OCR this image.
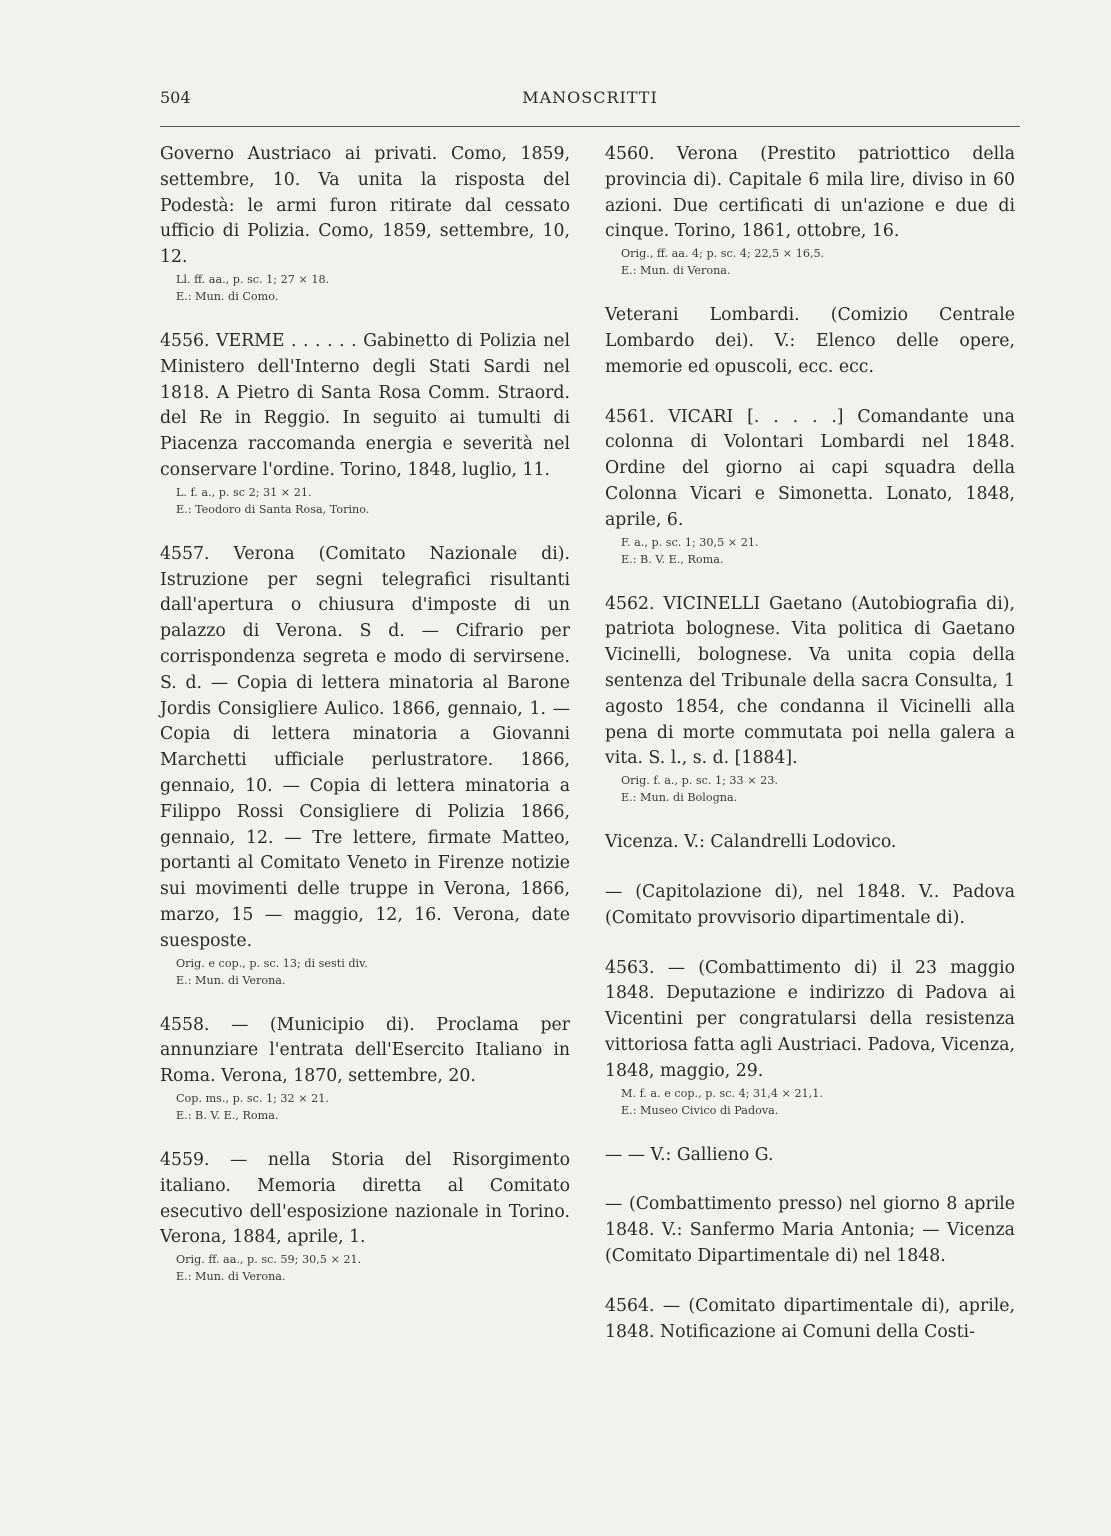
504	MANOSCRITTI
Governo Austriaco ai privati. Como, 1859, settembre, 10. Va unita la risposta del Podestà: le armi furon ritirate dal cessato ufficio di Polizia. Como, 1859, settembre, 10, 12.
Ll. ff. aa., p. sc. 1; 27 × 18.
E.: Mun. di Como.
4556. VERME . . . . . . Gabinetto di Polizia nel Ministero dell'Interno degli Stati Sardi nel 1818. A Pietro di Santa Rosa Comm. Straord. del Re in Reggio. In seguito ai tumulti di Piacenza raccomanda energia e severità nel conservare l'ordine. Torino, 1848, luglio, 11.
L. f. a., p. sc 2; 31 × 21.
E.: Teodoro di Santa Rosa, Torino.
4557. Verona (Comitato Nazionale di). Istruzione per segni telegrafici risultanti dall'apertura o chiusura d'imposte di un palazzo di Verona. S d. — Cifrario per corrispondenza segreta e modo di servirsene. S. d. — Copia di lettera minatoria al Barone Jordis Consigliere Aulico. 1866, gennaio, 1. — Copia di lettera minatoria a Giovanni Marchetti ufficiale perlustratore. 1866, gennaio, 10. — Copia di lettera minatoria a Filippo Rossi Consigliere di Polizia 1866, gennaio, 12. — Tre lettere, firmate Matteo, portanti al Comitato Veneto in Firenze notizie sui movimenti delle truppe in Verona, 1866, marzo, 15 — maggio, 12, 16. Verona, date suesposte.
Orig. e cop., p. sc. 13; di sesti div.
E.: Mun. di Verona.
4558. — (Municipio di). Proclama per annunziare l'entrata dell'Esercito Italiano in Roma. Verona, 1870, settembre, 20.
Cop. ms., p. sc. 1; 32 × 21.
E.: B. V. E., Roma.
4559. — nella Storia del Risorgimento italiano. Memoria diretta al Comitato esecutivo dell'esposizione nazionale in Torino. Verona, 1884, aprile, 1.
Orig. ff. aa., p. sc. 59; 30,5 × 21.
E.: Mun. di Verona.
4560. Verona (Prestito patriottico della provincia di). Capitale 6 mila lire, diviso in 60 azioni. Due certificati di un'azione e due di cinque. Torino, 1861, ottobre, 16.
Orig., ff. aa. 4; p. sc. 4; 22,5 × 16,5.
E.: Mun. di Verona.
Veterani Lombardi. (Comizio Centrale Lombardo dei). V.: Elenco delle opere, memorie ed opuscoli, ecc. ecc.
4561. VICARI [. . . . .] Comandante una colonna di Volontari Lombardi nel 1848. Ordine del giorno ai capi squadra della Colonna Vicari e Simonetta. Lonato, 1848, aprile, 6.
F. a., p. sc. 1; 30,5 × 21.
E.: B. V. E., Roma.
4562. VICINELLI Gaetano (Autobiografia di), patriota bolognese. Vita politica di Gaetano Vicinelli, bolognese. Va unita copia della sentenza del Tribunale della sacra Consulta, 1 agosto 1854, che condanna il Vicinelli alla pena di morte commutata poi nella galera a vita. S. l., s. d. [1884].
Orig. f. a., p. sc. 1; 33 × 23.
E.: Mun. di Bologna.
Vicenza. V.: Calandrelli Lodovico.
— (Capitolazione di), nel 1848. V.. Padova (Comitato provvisorio dipartimentale di).
4563. — (Combattimento di) il 23 maggio 1848. Deputazione e indirizzo di Padova ai Vicentini per congratularsi della resistenza vittoriosa fatta agli Austriaci. Padova, Vicenza, 1848, maggio, 29.
M. f. a. e cop., p. sc. 4; 31,4 × 21,1.
E.: Museo Civico di Padova.
— — V.: Gallieno G.
— (Combattimento presso) nel giorno 8 aprile 1848. V.: Sanfermo Maria Antonia; — Vicenza (Comitato Dipartimentale di) nel 1848.
4564. — (Comitato dipartimentale di), aprile, 1848. Notificazione ai Comuni della Costi-
